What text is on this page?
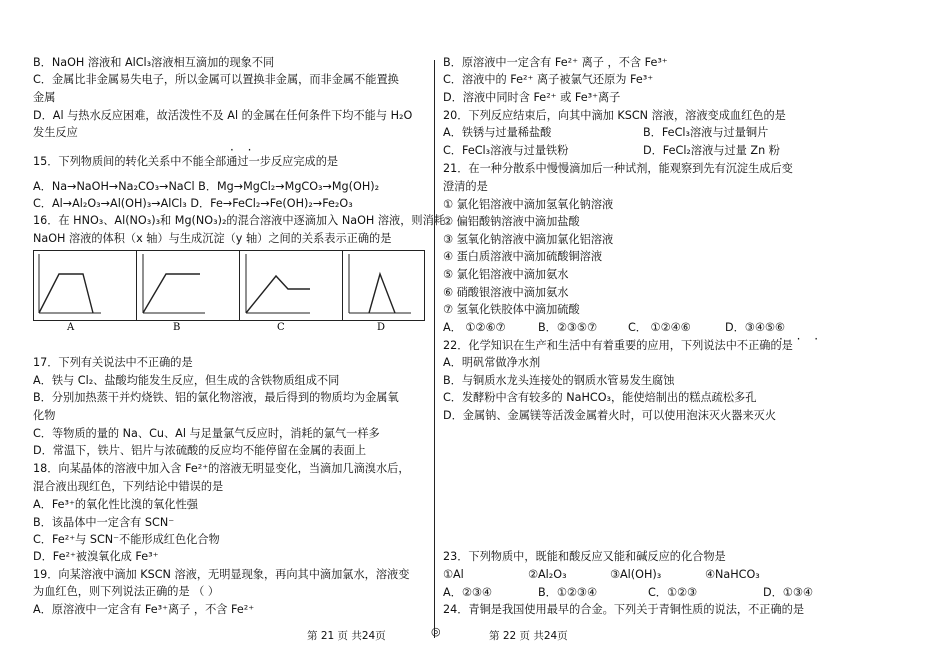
B．NaOH 溶液和 AlCl₃溶液相互滴加的现象不同
C．金属比非金属易失电子，所以金属可以置换非金属，而非金属不能置换
金属
D．Al 与热水反应困难，故活泼性不及 Al 的金属在任何条件下均不能与 H₂O
发生反应
· ·
15．下列物质间的转化关系中不能全部通过一步反应完成的是
A．Na→NaOH→Na₂CO₃→NaCl B．Mg→MgCl₂→MgCO₃→Mg(OH)₂
C．Al→Al₂O₃→Al(OH)₃→AlCl₃ D．Fe→FeCl₂→Fe(OH)₂→Fe₂O₃
16．在 HNO₃、Al(NO₃)₃和 Mg(NO₃)₂的混合溶液中逐滴加入 NaOH 溶液，则消耗
NaOH 溶液的体积（x 轴）与生成沉淀（y 轴）之间的关系表示正确的是
A	B	C	D
17．下列有关说法中不正确的是
A．铁与 Cl₂、盐酸均能发生反应，但生成的含铁物质组成不同
B．分别加热蒸干并灼烧铁、铝的氯化物溶液，最后得到的物质均为金属氧
化物
C．等物质的量的 Na、Cu、Al 与足量氯气反应时，消耗的氯气一样多
D．常温下，铁片、铝片与浓硫酸的反应均不能停留在金属的表面上
18．向某晶体的溶液中加入含 Fe²⁺的溶液无明显变化，当滴加几滴溴水后，
混合液出现红色，下列结论中错误的是
A．Fe³⁺的氧化性比溴的氧化性强
B．该晶体中一定含有 SCN⁻
C．Fe²⁺与 SCN⁻不能形成红色化合物
D．Fe²⁺被溴氧化成 Fe³⁺
19．向某溶液中滴加 KSCN 溶液，无明显现象，再向其中滴加氯水，溶液变
为血红色，则下列说法正确的是 （ ）
A．原溶液中一定含有 Fe³⁺离子 ，不含 Fe²⁺
B．原溶液中一定含有 Fe²⁺ 离子 ，不含 Fe³⁺
C．溶液中的 Fe²⁺ 离子被氯气还原为 Fe³⁺
D．溶液中同时含 Fe²⁺ 或 Fe³⁺离子
20．下列反应结束后，向其中滴加 KSCN 溶液，溶液变成血红色的是
A．铁锈与过量稀盐酸	B．FeCl₃溶液与过量铜片
C．FeCl₃溶液与过量铁粉	D．FeCl₂溶液与过量 Zn 粉
21．在一种分散系中慢慢滴加后一种试剂，能观察到先有沉淀生成后变
澄清的是
① 氯化铝溶液中滴加氢氧化钠溶液
② 偏铝酸钠溶液中滴加盐酸
③ 氢氧化钠溶液中滴加氯化铝溶液
④ 蛋白质溶液中滴加硫酸铜溶液
⑤ 氯化铝溶液中滴加氨水
⑥ 硝酸银溶液中滴加氨水
⑦ 氢氧化铁胶体中滴加硫酸
A． ①②⑥⑦	B．②③⑤⑦	C． ①②④⑥	D．③④⑤⑥
· · ·
22．化学知识在生产和生活中有着重要的应用，下列说法中不正确的是
A．明矾常做净水剂
B．与铜质水龙头连接处的钢质水管易发生腐蚀
C．发酵粉中含有较多的 NaHCO₃，能使焙制出的糕点疏松多孔
D．金属钠、金属镁等活泼金属着火时，可以使用泡沫灭火器来灭火
23．下列物质中，既能和酸反应又能和碱反应的化合物是
①Al	②Al₂O₃	③Al(OH)₃	④NaHCO₃
A．②③④	B．①②③④	C．①②③	D．①③④
24．青铜是我国使用最早的合金。下列关于青铜性质的说法，不正确的是
第 21 页 共24页	◎	第 22 页 共24页
